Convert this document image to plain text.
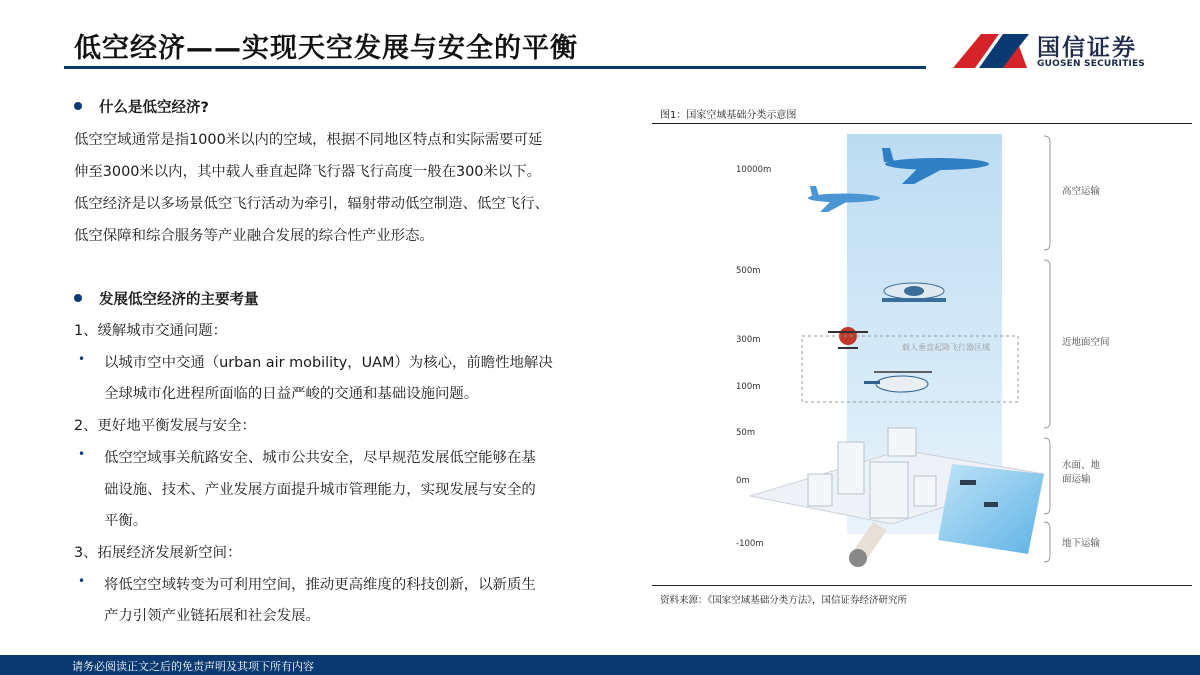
低空经济——实现天空发展与安全的平衡	国信证券
GUOSEN SECURITIES
什么是低空经济?
低空空域通常是指1000米以内的空域，根据不同地区特点和实际需要可延
伸至3000米以内，其中载人垂直起降飞行器飞行高度一般在300米以下。
低空经济是以多场景低空飞行活动为牵引，辐射带动低空制造、低空飞行、
低空保障和综合服务等产业融合发展的综合性产业形态。
发展低空经济的主要考量
1、缓解城市交通问题：
• 以城市空中交通（urban air mobility，UAM）为核心，前瞻性地解决
全球城市化进程所面临的日益严峻的交通和基础设施问题。
2、更好地平衡发展与安全：
• 低空空域事关航路安全、城市公共安全，尽早规范发展低空能够在基
础设施、技术、产业发展方面提升城市管理能力，实现发展与安全的
平衡。
3、拓展经济发展新空间：
• 将低空空域转变为可利用空间，推动更高维度的科技创新，以新质生
产力引领产业链拓展和社会发展。
图1：国家空域基础分类示意图
载人垂直起降飞行器区域
10000m
500m
300m
100m
50m
0m
-100m
高空运输
近地面空间
水面、地
面运输
地下运输
资料来源：《国家空域基础分类方法》，国信证券经济研究所
请务必阅读正文之后的免责声明及其项下所有内容
